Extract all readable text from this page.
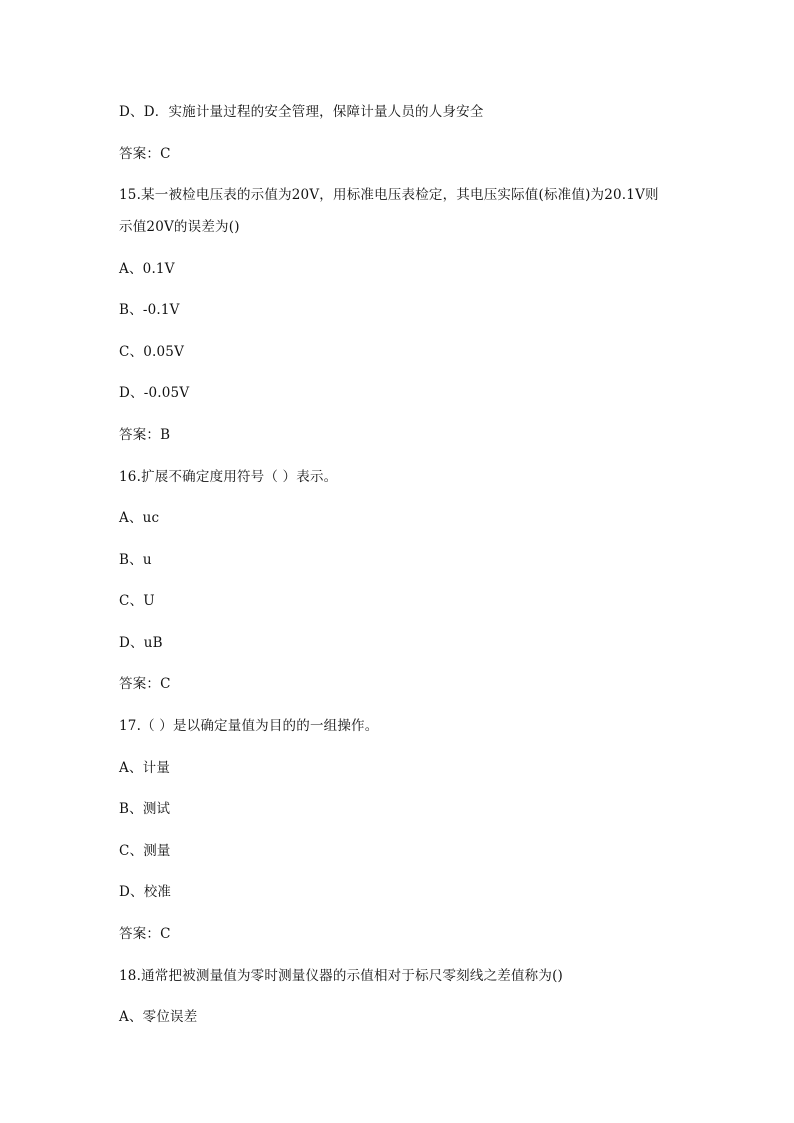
D、D．实施计量过程的安全管理，保障计量人员的人身安全
答案：C
15.某一被检电压表的示值为20V，用标准电压表检定，其电压实际值(标准值)为20.1V则
示值20V的误差为()
A、0.1V
B、-0.1V
C、0.05V
D、-0.05V
答案：B
16.扩展不确定度用符号（ ）表示。
A、uc
B、u
C、U
D、uB
答案：C
17.（ ）是以确定量值为目的的一组操作。
A、计量
B、测试
C、测量
D、校准
答案：C
18.通常把被测量值为零时测量仪器的示值相对于标尺零刻线之差值称为()
A、零位误差
